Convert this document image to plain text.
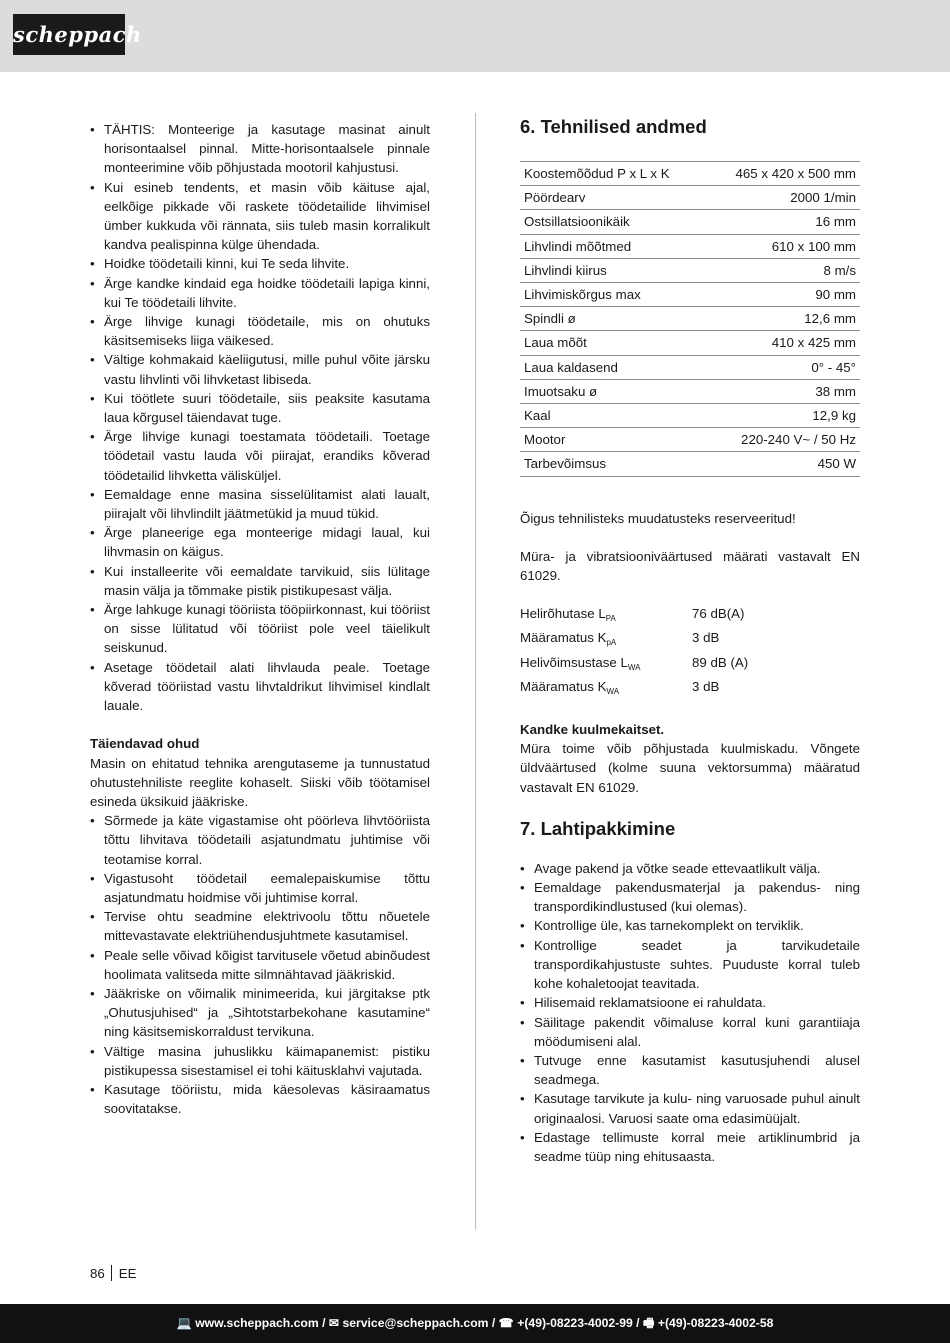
scheppach
• TÄHTIS: Monteerige ja kasutage masinat ainult horisontaalsel pinnal. Mitte-horisontaalsele pinnale monteerimine võib põhjustada mootoril kahjustusi.
• Kui esineb tendents, et masin võib käituse ajal, eelkõige pikkade või raskete töödetailide lihvimisel ümber kukkuda või rännata, siis tuleb masin korralikult kandva pealispinna külge ühendada.
• Hoidke töödetaili kinni, kui Te seda lihvite.
• Ärge kandke kindaid ega hoidke töödetaili lapiga kinni, kui Te töödetaili lihvite.
• Ärge lihvige kunagi töödetaile, mis on ohutuks käsitsemiseks liiga väikesed.
• Vältige kohmakaid käeliigutusi, mille puhul võite järsku vastu lihvlinti või lihvketast libiseda.
• Kui töötlete suuri töödetaile, siis peaksite kasutama laua kõrgusel täiendavat tuge.
• Ärge lihvige kunagi toestamata töödetaili. Toetage töödetail vastu lauda või piirajat, erandiks kõverad töödetailid lihvketta välisküljel.
• Eemaldage enne masina sisselülitamist alati laualt, piirajalt või lihvlindilt jäätmetükid ja muud tükid.
• Ärge planeerige ega monteerige midagi laual, kui lihvmasin on käigus.
• Kui installeerite või eemaldate tarvikuid, siis lülitage masin välja ja tõmmake pistik pistikupesast välja.
• Ärge lahkuge kunagi tööriista tööpiirkonnast, kui tööriist on sisse lülitatud või tööriist pole veel täielikult seiskunud.
• Asetage töödetail alati lihvlauda peale. Toetage kõverad tööriistad vastu lihvtaldrikut lihvimisel kindlalt lauale.
Täiendavad ohud

Masin on ehitatud tehnika arengutaseme ja tunnustatud ohutustehniliste reeglite kohaselt. Siiski võib töötamisel esineda üksikuid jääkriske.

• Sõrmede ja käte vigastamise oht pöörleva lihvtööriista tõttu lihvitava töödetaili asjatundmatu juhtimise või teotamise korral.
• Vigastusoht töödetail eemalepaiskumise tõttu asjatundmatu hoidmise või juhtimise korral.
• Tervise ohtu seadmine elektrivoolu tõttu nõuetele mittevastavate elektriühendusjuhtmete kasutamisel.
• Peale selle võivad kõigist tarvitusele võetud abinõudest hoolimata valitseda mitte silmnähtavad jääkriskid.
• Jääkriske on võimalik minimeerida, kui järgitakse ptk „Ohutusjuhised“ ja „Sihtotstarbekohane kasutamine“ ning käsitsemiskorraldust tervikuna.
• Vältige masina juhuslikku käimapanemist: pistiku pistikupessa sisestamisel ei tohi käitusklahvi vajutada.
• Kasutage tööriistu, mida käesolevas käsiraamatus soovitatakse.
6. Tehnilised andmed
Koostemõõdud P x L x K	465 x 420 x 500 mm
Pöördearv	2000 1/min
Ostsillatsioonikäik	16 mm
Lihvlindi mõõtmed	610 x 100 mm
Lihvlindi kiirus	8 m/s
Lihvimiskõrgus max	90 mm
Spindli ø	12,6 mm
Laua mõõt	410 x 425 mm
Laua kaldasend	0° - 45°
Imuotsaku ø	38 mm
Kaal	12,9 kg
Mootor	220-240 V~ / 50 Hz
Tarbevõimsus	450 W

Õigus tehnilisteks muudatusteks reserveeritud!

Müra- ja vibratsiooniväärtused määrati vastavalt EN 61029.

Helirõhutase $L_{PA}$	76 dB(A)
Määramatus $K_{pA}$	3 dB
Helivõimsustase $L_{WA}$	89 dB (A)
Määramatus $K_{WA}$	3 dB
Kandke kuulmekaitset.

Müra toime võib põhjustada kuulmiskadu. Võngete üldväärtused (kolme suuna vektorsumma) määratud vastavalt EN 61029.

7. Lahtipakkimine
• Avage pakend ja võtke seade ettevaatlikult välja.
• Eemaldage pakendusmaterjal ja pakendus- ning transpordikindlustused (kui olemas).
• Kontrollige üle, kas tarnekomplekt on terviklik.
• Kontrollige seadet ja tarvikudetaile transpordikahjustuste suhtes. Puuduste korral tuleb kohe kohaletoojat teavitada.
• Hilisemaid reklamatsioone ei rahuldata.
• Säilitage pakendit võimaluse korral kuni garantiiaja möödumiseni alal.
• Tutvuge enne kasutamist kasutusjuhendi alusel seadmega.
• Kasutage tarvikute ja kulu- ning varuosade puhul ainult originaalosi. Varuosi saate oma edasimüüjalt.
• Edastage tellimuste korral meie artiklinumbrid ja seadme tüüp ning ehitusaasta.
86 EE
💻 www.scheppach.com / ✉ service@scheppach.com / ☎ +(49)-08223-4002-99 / 🖷 +(49)-08223-4002-58
